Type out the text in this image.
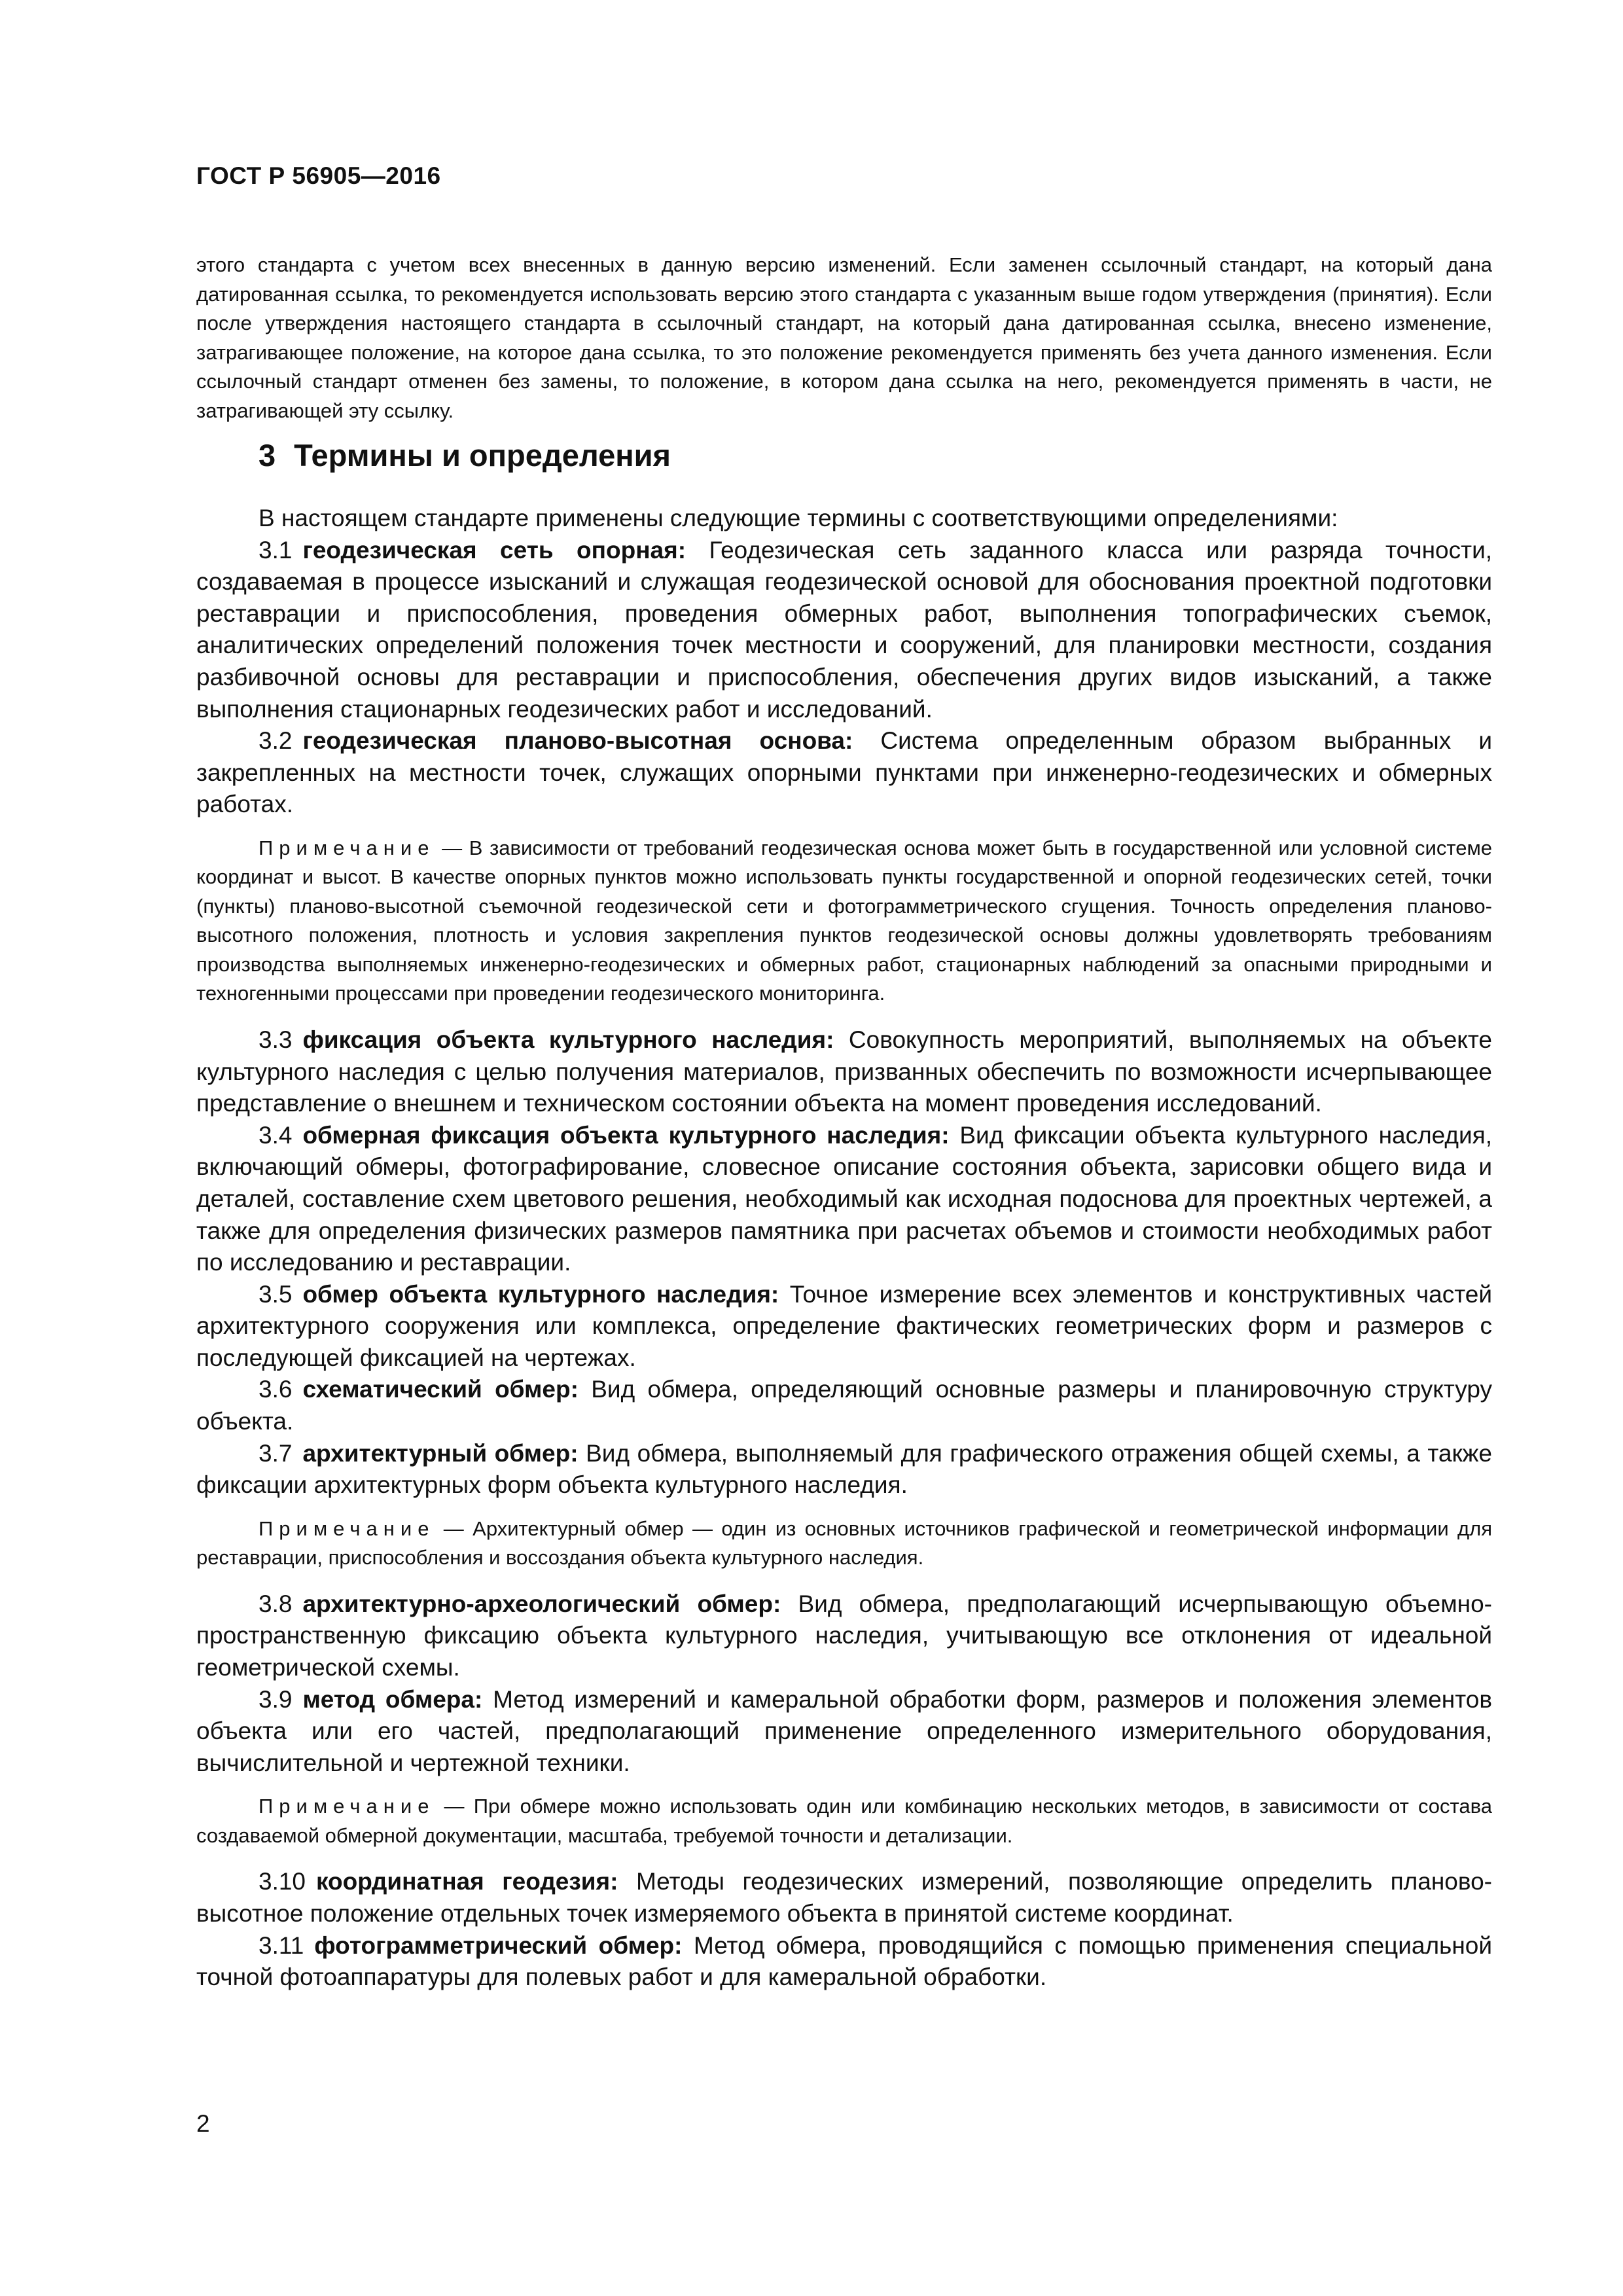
ГОСТ Р 56905—2016

этого стандарта с учетом всех внесенных в данную версию изменений. Если заменен ссылочный стандарт, на который дана датированная ссылка, то рекомендуется использовать версию этого стандарта с указанным выше годом утверждения (принятия). Если после утверждения настоящего стандарта в ссылочный стандарт, на который дана датированная ссылка, внесено изменение, затрагивающее положение, на которое дана ссылка, то это положение рекомендуется применять без учета данного изменения. Если ссылочный стандарт отменен без замены, то положение, в котором дана ссылка на него, рекомендуется применять в части, не затрагивающей эту ссылку.

3 Термины и определения

В настоящем стандарте применены следующие термины с соответствующими определениями:

3.1 геодезическая сеть опорная: Геодезическая сеть заданного класса или разряда точности, создаваемая в процессе изысканий и служащая геодезической основой для обоснования проектной подготовки реставрации и приспособления, проведения обмерных работ, выполнения топографических съемок, аналитических определений положения точек местности и сооружений, для планировки местности, создания разбивочной основы для реставрации и приспособления, обеспечения других видов изысканий, а также выполнения стационарных геодезических работ и исследований.

3.2 геодезическая планово-высотная основа: Система определенным образом выбранных и закрепленных на местности точек, служащих опорными пунктами при инженерно-геодезических и обмерных работах.

Примечание — В зависимости от требований геодезическая основа может быть в государственной или условной системе координат и высот. В качестве опорных пунктов можно использовать пункты государственной и опорной геодезических сетей, точки (пункты) планово-высотной съемочной геодезической сети и фотограмметрического сгущения. Точность определения планово-высотного положения, плотность и условия закрепления пунктов геодезической основы должны удовлетворять требованиям производства выполняемых инженерно-геодезических и обмерных работ, стационарных наблюдений за опасными природными и техногенными процессами при проведении геодезического мониторинга.

3.3 фиксация объекта культурного наследия: Совокупность мероприятий, выполняемых на объекте культурного наследия с целью получения материалов, призванных обеспечить по возможности исчерпывающее представление о внешнем и техническом состоянии объекта на момент проведения исследований.

3.4 обмерная фиксация объекта культурного наследия: Вид фиксации объекта культурного наследия, включающий обмеры, фотографирование, словесное описание состояния объекта, зарисовки общего вида и деталей, составление схем цветового решения, необходимый как исходная подоснова для проектных чертежей, а также для определения физических размеров памятника при расчетах объемов и стоимости необходимых работ по исследованию и реставрации.

3.5 обмер объекта культурного наследия: Точное измерение всех элементов и конструктивных частей архитектурного сооружения или комплекса, определение фактических геометрических форм и размеров с последующей фиксацией на чертежах.

3.6 схематический обмер: Вид обмера, определяющий основные размеры и планировочную структуру объекта.

3.7 архитектурный обмер: Вид обмера, выполняемый для графического отражения общей схемы, а также фиксации архитектурных форм объекта культурного наследия.

Примечание — Архитектурный обмер — один из основных источников графической и геометрической информации для реставрации, приспособления и воссоздания объекта культурного наследия.

3.8 архитектурно-археологический обмер: Вид обмера, предполагающий исчерпывающую объемно-пространственную фиксацию объекта культурного наследия, учитывающую все отклонения от идеальной геометрической схемы.

3.9 метод обмера: Метод измерений и камеральной обработки форм, размеров и положения элементов объекта или его частей, предполагающий применение определенного измерительного оборудования, вычислительной и чертежной техники.

Примечание — При обмере можно использовать один или комбинацию нескольких методов, в зависимости от состава создаваемой обмерной документации, масштаба, требуемой точности и детализации.

3.10 координатная геодезия: Методы геодезических измерений, позволяющие определить планово-высотное положение отдельных точек измеряемого объекта в принятой системе координат.

3.11 фотограмметрический обмер: Метод обмера, проводящийся с помощью применения специальной точной фотоаппаратуры для полевых работ и для камеральной обработки.

2
